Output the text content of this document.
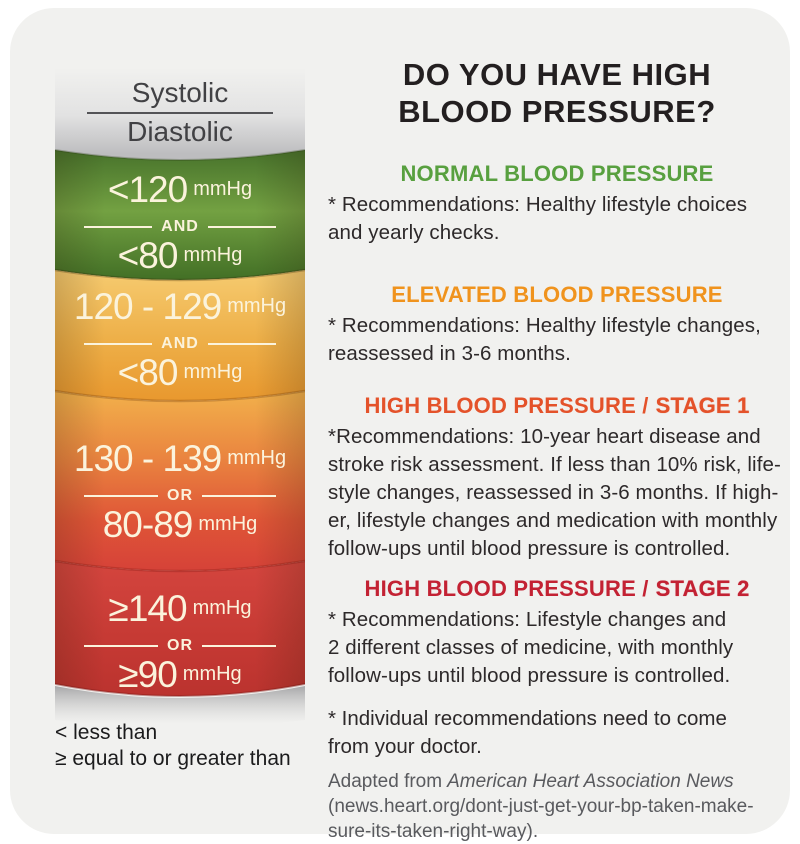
Systolic
Diastolic
<120 mmHg
AND
<80 mmHg
120 - 129 mmHg
AND
<80 mmHg
130 - 139 mmHg
OR
80-89 mmHg
≥140 mmHg
OR
≥90 mmHg
< less than
≥ equal to or greater than
DO YOU HAVE HIGH
BLOOD PRESSURE?
NORMAL BLOOD PRESSURE
* Recommendations: Healthy lifestyle choices
and yearly checks.
ELEVATED BLOOD PRESSURE
* Recommendations: Healthy lifestyle changes,
reassessed in 3-6 months.
HIGH BLOOD PRESSURE / STAGE 1
*Recommendations: 10-year heart disease and
stroke risk assessment. If less than 10% risk, life-
style changes, reassessed in 3-6 months. If high-
er, lifestyle changes and medication with monthly
follow-ups until blood pressure is controlled.
HIGH BLOOD PRESSURE / STAGE 2
* Recommendations: Lifestyle changes and
2 different classes of medicine, with monthly
follow-ups until blood pressure is controlled.
* Individual recommendations need to come
from your doctor.
Adapted from American Heart Association News
(news.heart.org/dont-just-get-your-bp-taken-make-
sure-its-taken-right-way).
